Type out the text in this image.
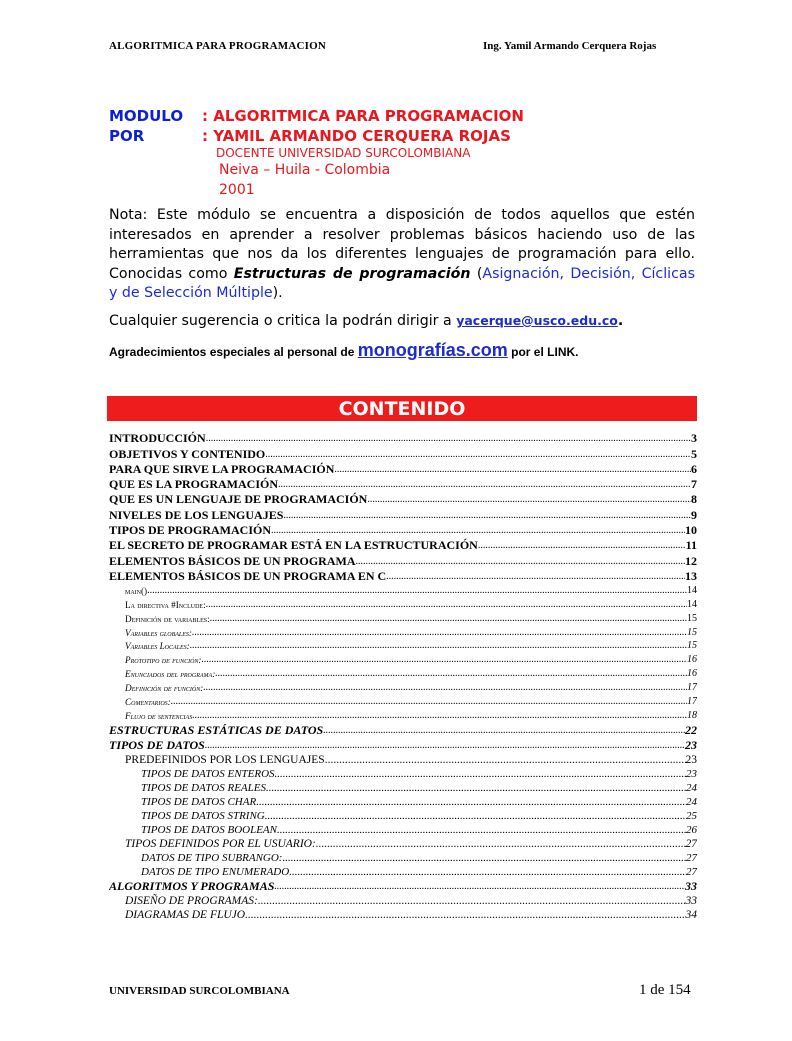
ALGORITMICA PARA PROGRAMACION	Ing. Yamil Armando Cerquera Rojas
MODULO : ALGORITMICA PARA PROGRAMACION
POR	: YAMIL ARMANDO CERQUERA ROJAS
DOCENTE UNIVERSIDAD SURCOLOMBIANA
Neiva – Huila - Colombia
2001
Nota: Este módulo se encuentra a disposición de todos aquellos que estén interesados en aprender a resolver problemas básicos haciendo uso de las herramientas que nos da los diferentes lenguajes de programación para ello. Conocidas como Estructuras de programación (Asignación, Decisión, Cíclicas y de Selección Múltiple).
Cualquier sugerencia o critica la podrán dirigir a yacerque@usco.edu.co.
Agradecimientos especiales al personal de monografías.com por el LINK.
CONTENIDO
INTRODUCCIÓN .....	3
OBJETIVOS Y CONTENIDO .....	5
PARA QUE SIRVE LA PROGRAMACIÓN .....	6
QUE ES LA PROGRAMACIÓN .....	7
QUE ES UN LENGUAJE DE PROGRAMACIÓN .....	8
NIVELES DE LOS LENGUAJES .....	9
TIPOS DE PROGRAMACIÓN .....	10
EL SECRETO DE PROGRAMAR ESTÁ EN LA ESTRUCTURACIÓN .....	11
ELEMENTOS BÁSICOS DE UN PROGRAMA .....	12
ELEMENTOS BÁSICOS DE UN PROGRAMA EN C .....	13
main() .....	14
La directiva #Include: .....	14
Definición de variables: .....	15
Variables globales: .....	15
Variables Locales: .....	15
Prototipo de función: .....	16
Enunciados del programa: .....	16
Definición de función: .....	17
Comentarios: .....	17
Flujo de sentencias .....	18
ESTRUCTURAS ESTÁTICAS DE DATOS .....	22
TIPOS DE DATOS .....	23
PREDEFINIDOS POR LOS LENGUAJES .....	23
TIPOS DE DATOS ENTEROS .....	23
TIPOS DE DATOS REALES .....	24
TIPOS DE DATOS CHAR .....	24
TIPOS DE DATOS STRING .....	25
TIPOS DE DATOS BOOLEAN .....	26
TIPOS DEFINIDOS POR EL USUARIO: .....	27
DATOS DE TIPO SUBRANGO: .....	27
DATOS DE TIPO ENUMERADO .....	27
ALGORITMOS Y PROGRAMAS .....	33
DISEÑO DE PROGRAMAS: .....	33
DIAGRAMAS DE FLUJO .....	34
UNIVERSIDAD SURCOLOMBIANA	1 de 154
